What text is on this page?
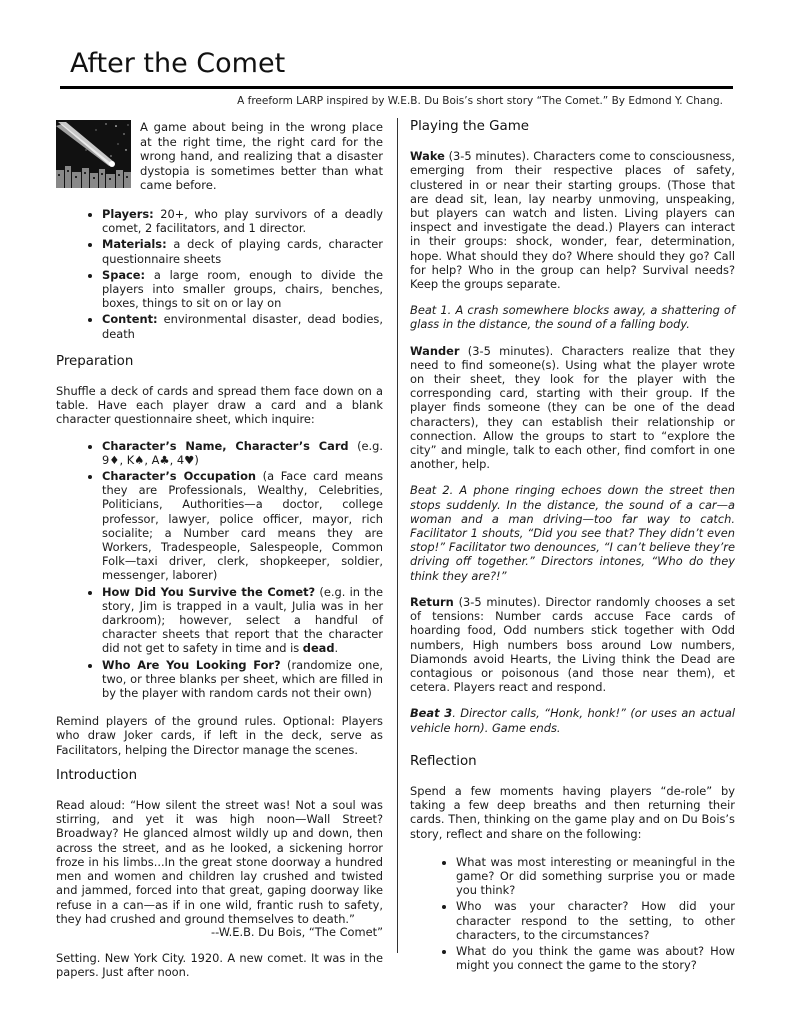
After the Comet
A freeform LARP inspired by W.E.B. Du Bois’s short story “The Comet.” By Edmond Y. Chang.

A game about being in the wrong place at the right time, the right card for the wrong hand, and realizing that a disaster dystopia is sometimes better than what came before.

• Players: 20+, who play survivors of a deadly comet, 2 facilitators, and 1 director.
• Materials: a deck of playing cards, character questionnaire sheets
• Space: a large room, enough to divide the players into smaller groups, chairs, benches, boxes, things to sit on or lay on
• Content: environmental disaster, dead bodies, death
Preparation

Shuffle a deck of cards and spread them face down on a table. Have each player draw a card and a blank character questionnaire sheet, which inquire:

• Character’s Name, Character’s Card (e.g. 9♦, K♠, A♣, 4♥)
• Character’s Occupation (a Face card means they are Professionals, Wealthy, Celebrities, Politicians, Authorities—a doctor, college professor, lawyer, police officer, mayor, rich socialite; a Number card means they are Workers, Tradespeople, Salespeople, Common Folk—taxi driver, clerk, shopkeeper, soldier, messenger, laborer)
• How Did You Survive the Comet? (e.g. in the story, Jim is trapped in a vault, Julia was in her darkroom); however, select a handful of character sheets that report that the character did not get to safety in time and is dead.
• Who Are You Looking For? (randomize one, two, or three blanks per sheet, which are filled in by the player with random cards not their own)

Remind players of the ground rules. Optional: Players who draw Joker cards, if left in the deck, serve as Facilitators, helping the Director manage the scenes.

Introduction

Read aloud: “How silent the street was! Not a soul was stirring, and yet it was high noon—Wall Street? Broadway? He glanced almost wildly up and down, then across the street, and as he looked, a sickening horror froze in his limbs...In the great stone doorway a hundred men and women and children lay crushed and twisted and jammed, forced into that great, gaping doorway like refuse in a can—as if in one wild, frantic rush to safety, they had crushed and ground themselves to death.”

--W.E.B. Du Bois, “The Comet”

Setting. New York City. 1920. A new comet. It was in the papers. Just after noon.

Playing the Game

Wake (3-5 minutes). Characters come to consciousness, emerging from their respective places of safety, clustered in or near their starting groups. (Those that are dead sit, lean, lay nearby unmoving, unspeaking, but players can watch and listen. Living players can inspect and investigate the dead.) Players can interact in their groups: shock, wonder, fear, determination, hope. What should they do? Where should they go? Call for help? Who in the group can help? Survival needs? Keep the groups separate.

Beat 1. A crash somewhere blocks away, a shattering of glass in the distance, the sound of a falling body.

Wander (3-5 minutes). Characters realize that they need to find someone(s). Using what the player wrote on their sheet, they look for the player with the corresponding card, starting with their group. If the player finds someone (they can be one of the dead characters), they can establish their relationship or connection. Allow the groups to start to “explore the city” and mingle, talk to each other, find comfort in one another, help.

Beat 2. A phone ringing echoes down the street then stops suddenly. In the distance, the sound of a car—a woman and a man driving—too far way to catch. Facilitator 1 shouts, “Did you see that? They didn’t even stop!” Facilitator two denounces, “I can’t believe they’re driving off together.” Directors intones, “Who do they think they are?!”

Return (3-5 minutes). Director randomly chooses a set of tensions: Number cards accuse Face cards of hoarding food, Odd numbers stick together with Odd numbers, High numbers boss around Low numbers, Diamonds avoid Hearts, the Living think the Dead are contagious or poisonous (and those near them), et cetera. Players react and respond.

Beat 3. Director calls, “Honk, honk!” (or uses an actual vehicle horn). Game ends.

Reflection

Spend a few moments having players “de-role” by taking a few deep breaths and then returning their cards. Then, thinking on the game play and on Du Bois’s story, reflect and share on the following:

• What was most interesting or meaningful in the game? Or did something surprise you or made you think?
• Who was your character? How did your character respond to the setting, to other characters, to the circumstances?
• What do you think the game was about? How might you connect the game to the story?
